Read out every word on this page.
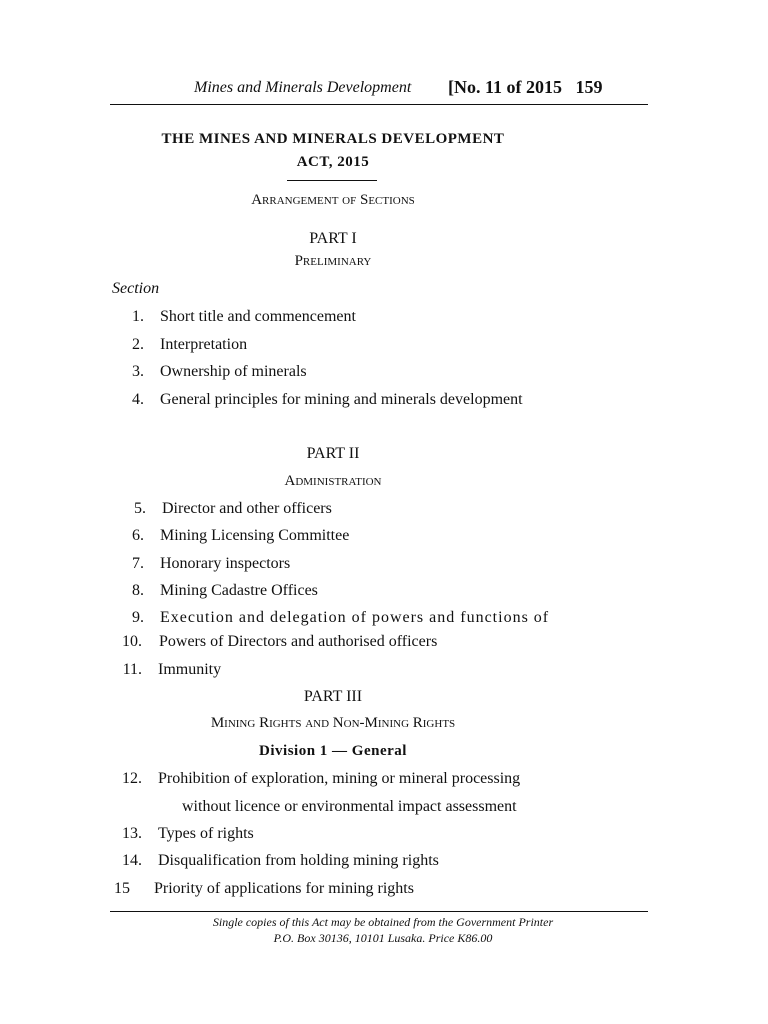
Mines and Minerals Development [No. 11 of 2015 159
THE MINES AND MINERALS DEVELOPMENT
ACT, 2015
Arrangement of Sections
PART I
Preliminary
Section
1. Short title and commencement
2. Interpretation
3. Ownership of minerals
4. General principles for mining and minerals development
PART II
Administration
5. Director and other officers
6. Mining Licensing Committee
7. Honorary inspectors
8. Mining Cadastre Offices
9. Execution and delegation of powers and functions of
10. Powers of Directors and authorised officers
11. Immunity
PART III
Mining Rights and Non-Mining Rights
Division 1 — General
12. Prohibition of exploration, mining or mineral processing
without licence or environmental impact assessment
13. Types of rights
14. Disqualification from holding mining rights
15	Priority of applications for mining rights
Single copies of this Act may be obtained from the Government Printer
P.O. Box 30136, 10101 Lusaka. Price K86.00
